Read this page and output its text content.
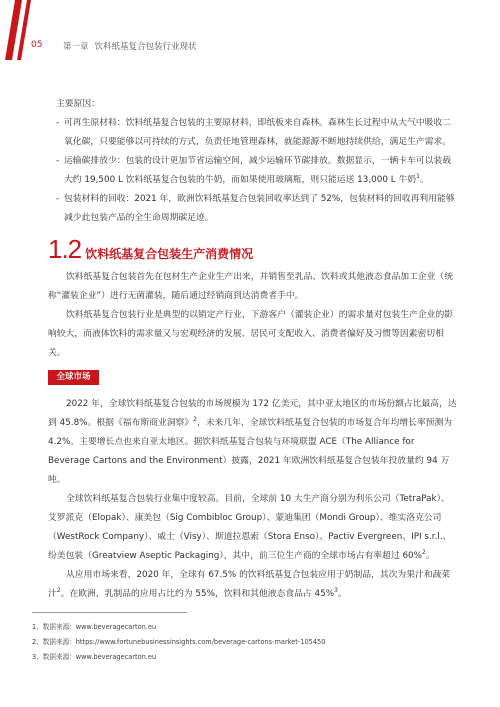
05 第一章 饮料纸基复合包装行业现状

主要原因：

- 可再生原材料：饮料纸基复合包装的主要原材料，即纸板来自森林。森林生长过程中从大气中吸收二氧化碳，只要能够以可持续的方式，负责任地管理森林，就能源源不断地持续供给，满足生产需求。

- 运输碳排放少：包装的设计更加节省运输空间，减少运输环节碳排放。数据显示，一辆卡车可以装载大约 19,500 L 饮料纸基复合包装的牛奶，而如果使用玻璃瓶，则只能运送 13,000 L 牛奶$^1$。

- 包装材料的回收：2021 年，欧洲饮料纸基复合包装回收率达到了 52%，包装材料的回收再利用能够减少此包装产品的全生命周期碳足迹。

1.2 饮料纸基复合包装生产消费情况

饮料纸基复合包装首先在包材生产企业生产出来，并销售至乳品、饮料或其他液态食品加工企业（统称“灌装企业”）进行无菌灌装，随后通过经销商到达消费者手中。

饮料纸基复合包装行业是典型的以销定产行业，下游客户（灌装企业）的需求量对包装生产企业的影响较大，而液体饮料的需求量又与宏观经济的发展、居民可支配收入、消费者偏好及习惯等因素密切相关。

全球市场

2022 年，全球饮料纸基复合包装的市场规模为 172 亿美元，其中亚太地区的市场份额占比最高，达到 45.8%。根据《福布斯商业洞察》$^2$，未来几年，全球饮料纸基复合包装的市场复合年均增长率预测为 4.2%。主要增长点也来自亚太地区。据饮料纸基复合包装与环境联盟 ACE（The Alliance for Beverage Cartons and the Environment）披露，2021 年欧洲饮料纸基复合包装年投放量约 94 万吨。

全球饮料纸基复合包装行业集中度较高。目前，全球前 10 大生产商分别为利乐公司（TetraPak）、艾罗派克（Elopak）、康美包（Sig Combibloc Group）、蒙迪集团（Mondi Group）、维实洛克公司（WestRock Company）、威士（Visy）、斯道拉恩索（Stora Enso）、Pactiv Evergreen、IPI s.r.l.、纷美包装（Greatview Aseptic Packaging），其中，前三位生产商的全球市场占有率超过 60%$^2$。

从应用市场来看，2020 年，全球有 67.5% 的饮料纸基复合包装应用于奶制品，其次为果汁和蔬菜汁$^2$。在欧洲，乳制品的应用占比约为 55%，饮料和其他液态食品占 45%$^3$。

1、数据来源：www.beveragecarton.eu
2、数据来源：https://www.fortunebusinessinsights.com/beverage-cartons-market-105450
3、数据来源：www.beveragecarton.eu
